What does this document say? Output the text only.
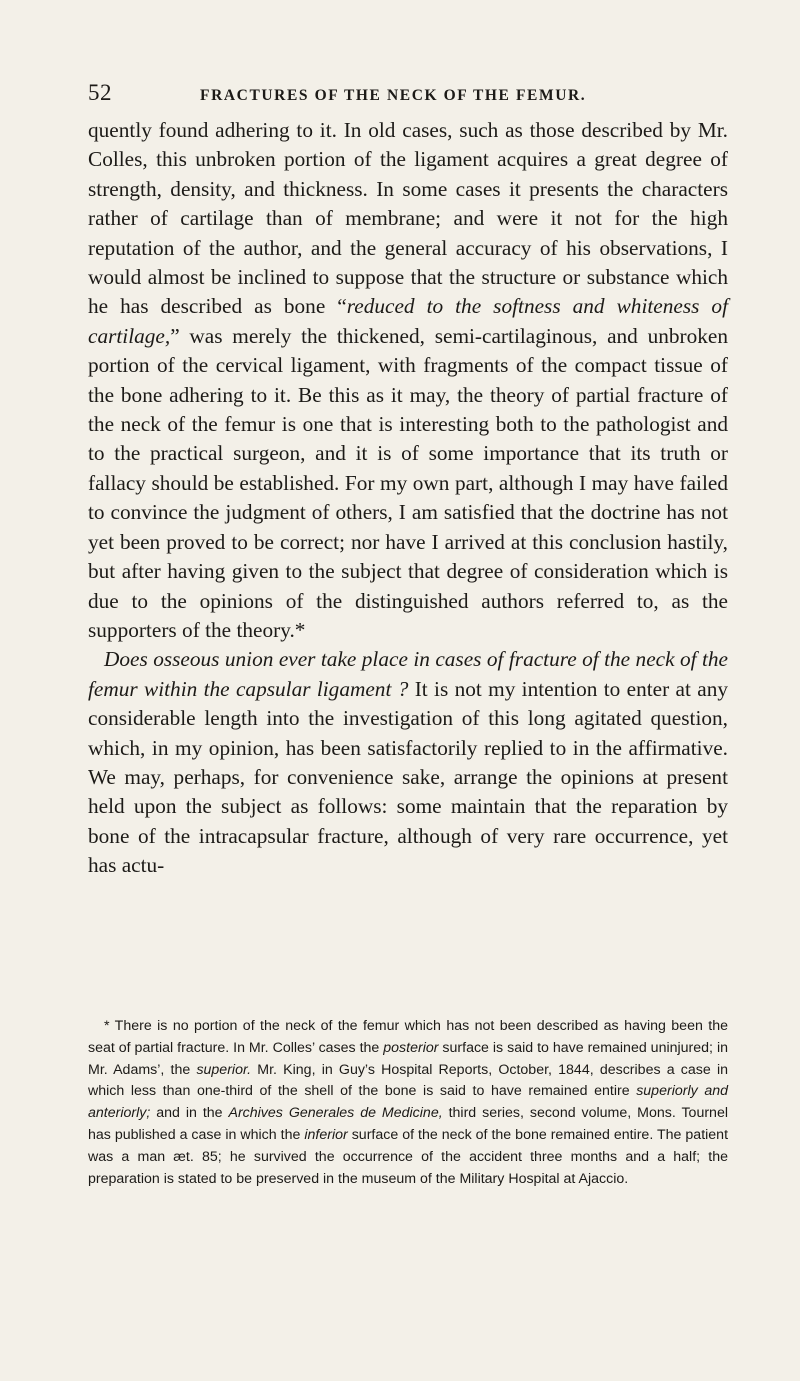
52	FRACTURES OF THE NECK OF THE FEMUR.

quently found adhering to it. In old cases, such as those described by Mr. Colles, this unbroken portion of the ligament acquires a great degree of strength, density, and thickness. In some cases it presents the characters rather of cartilage than of membrane; and were it not for the high reputation of the author, and the general accuracy of his observations, I would almost be inclined to suppose that the structure or substance which he has described as bone “reduced to the softness and whiteness of cartilage,” was merely the thickened, semi-cartilaginous, and unbroken portion of the cervical ligament, with fragments of the compact tissue of the bone adhering to it. Be this as it may, the theory of partial fracture of the neck of the femur is one that is interesting both to the pathologist and to the practical surgeon, and it is of some importance that its truth or fallacy should be established. For my own part, although I may have failed to convince the judgment of others, I am satisfied that the doctrine has not yet been proved to be correct; nor have I arrived at this conclusion hastily, but after having given to the subject that degree of consideration which is due to the opinions of the distinguished authors referred to, as the supporters of the theory.*

Does osseous union ever take place in cases of fracture of the neck of the femur within the capsular ligament ? It is not my intention to enter at any considerable length into the investigation of this long agitated question, which, in my opinion, has been satisfactorily replied to in the affirmative. We may, perhaps, for convenience sake, arrange the opinions at present held upon the subject as follows: some maintain that the reparation by bone of the intracapsular fracture, although of very rare occurrence, yet has actu-

* There is no portion of the neck of the femur which has not been described as having been the seat of partial fracture. In Mr. Colles’ cases the posterior surface is said to have remained uninjured; in Mr. Adams’, the superior. Mr. King, in Guy’s Hospital Reports, October, 1844, describes a case in which less than one-third of the shell of the bone is said to have remained entire superiorly and anteriorly; and in the Archives Generales de Medicine, third series, second volume, Mons. Tournel has published a case in which the inferior surface of the neck of the bone remained entire. The patient was a man æt. 85; he survived the occurrence of the accident three months and a half; the preparation is stated to be preserved in the museum of the Military Hospital at Ajaccio.
